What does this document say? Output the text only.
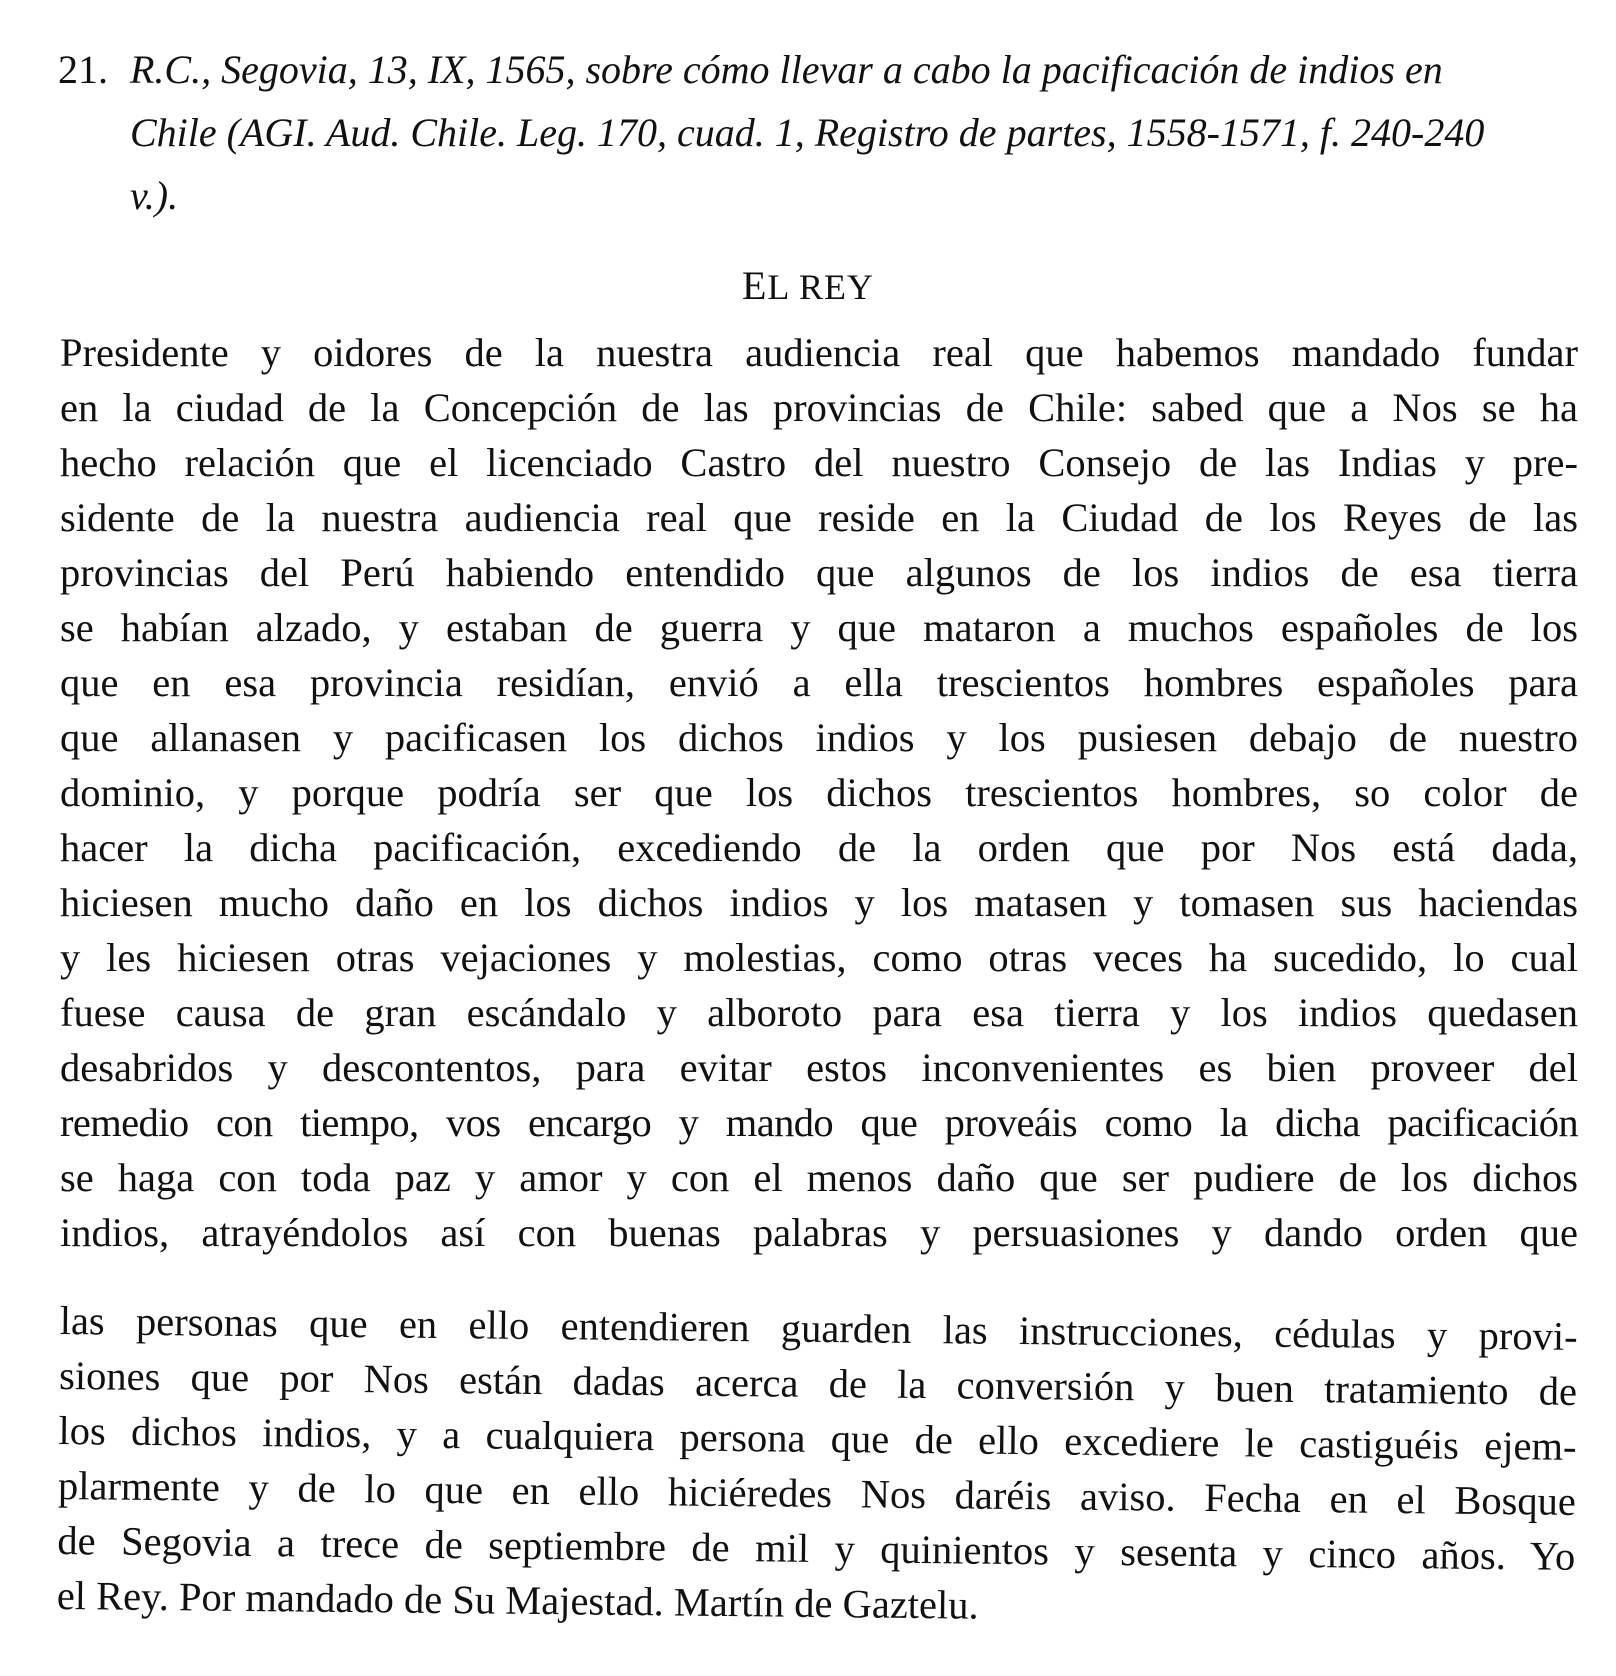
21. R.C., Segovia, 13, IX, 1565, sobre cómo llevar a cabo la pacificación de indios en
Chile (AGI. Aud. Chile. Leg. 170, cuad. 1, Registro de partes, 1558-1571, f. 240-240
v.).
EL REY
Presidente y oidores de la nuestra audiencia real que habemos mandado fundar
en la ciudad de la Concepción de las provincias de Chile: sabed que a Nos se ha
hecho relación que el licenciado Castro del nuestro Consejo de las Indias y pre-
sidente de la nuestra audiencia real que reside en la Ciudad de los Reyes de las
provincias del Perú habiendo entendido que algunos de los indios de esa tierra
se habían alzado, y estaban de guerra y que mataron a muchos españoles de los
que en esa provincia residían, envió a ella trescientos hombres españoles para
que allanasen y pacificasen los dichos indios y los pusiesen debajo de nuestro
dominio, y porque podría ser que los dichos trescientos hombres, so color de
hacer la dicha pacificación, excediendo de la orden que por Nos está dada,
hiciesen mucho daño en los dichos indios y los matasen y tomasen sus haciendas
y les hiciesen otras vejaciones y molestias, como otras veces ha sucedido, lo cual
fuese causa de gran escándalo y alboroto para esa tierra y los indios quedasen
desabridos y descontentos, para evitar estos inconvenientes es bien proveer del
remedio con tiempo, vos encargo y mando que proveáis como la dicha pacificación
se haga con toda paz y amor y con el menos daño que ser pudiere de los dichos
indios, atrayéndolos así con buenas palabras y persuasiones y dando orden que
las personas que en ello entendieren guarden las instrucciones, cédulas y provi-
siones que por Nos están dadas acerca de la conversión y buen tratamiento de
los dichos indios, y a cualquiera persona que de ello excediere le castiguéis ejem-
plarmente y de lo que en ello hiciéredes Nos daréis aviso. Fecha en el Bosque
de Segovia a trece de septiembre de mil y quinientos y sesenta y cinco años. Yo
el Rey. Por mandado de Su Majestad. Martín de Gaztelu.
